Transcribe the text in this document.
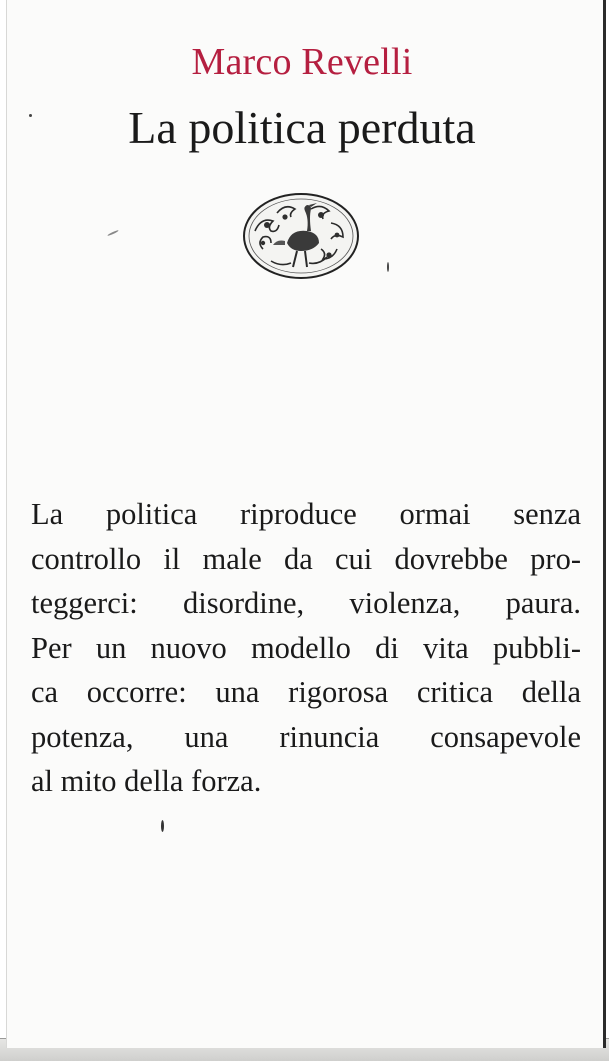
Marco Revelli
La politica perduta
La politica riproduce ormai senza
controllo il male da cui dovrebbe pro-
teggerci: disordine, violenza, paura.
Per un nuovo modello di vita pubbli-
ca occorre: una rigorosa critica della
potenza, una rinuncia consapevole
al mito della forza.
